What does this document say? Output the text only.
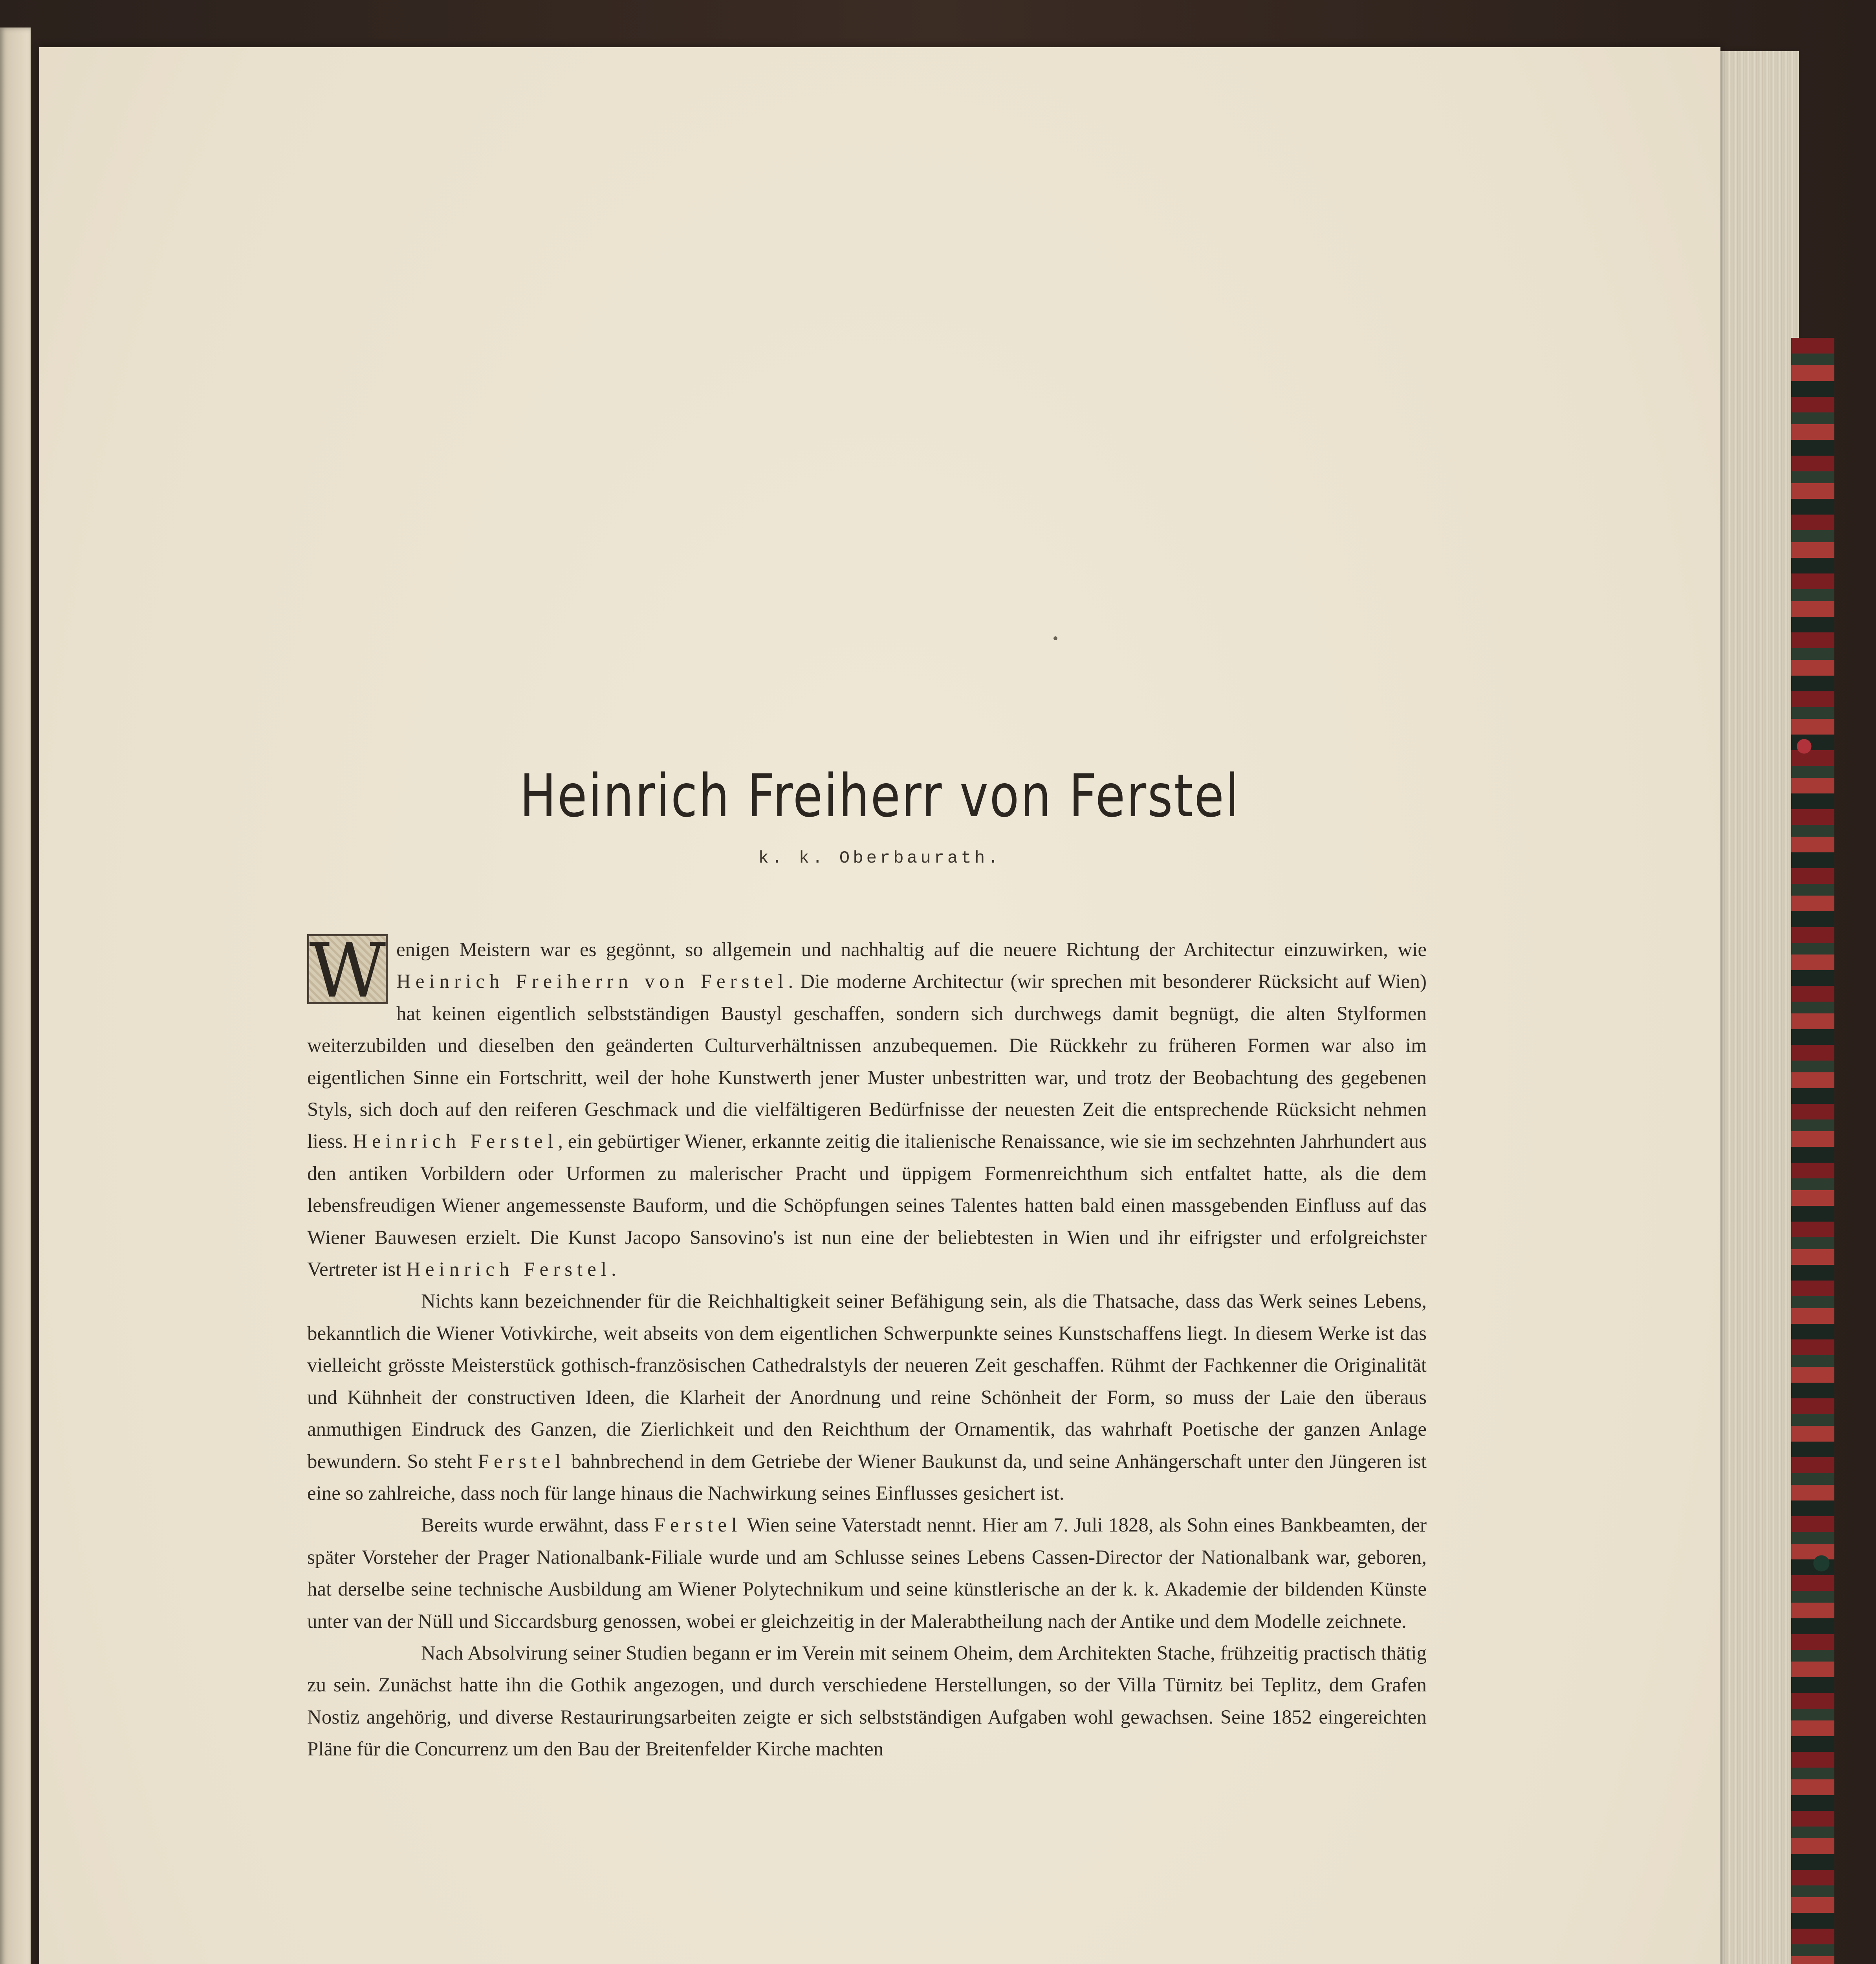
Heinrich Freiherr von Ferstel
k. k. Oberbaurath.
W enigen Meistern war es gegönnt, so allgemein und nachhaltig auf die neuere Richtung der Architectur einzuwirken, wie Heinrich Freiherrn von Ferstel. Die moderne Architectur (wir sprechen mit besonderer Rücksicht auf Wien) hat keinen eigentlich selbstständigen Baustyl geschaffen, sondern sich durchwegs damit begnügt, die alten Stylformen weiterzubilden und dieselben den geänderten Culturverhältnissen anzubequemen. Die Rückkehr zu früheren Formen war also im eigentlichen Sinne ein Fortschritt, weil der hohe Kunstwerth jener Muster unbestritten war, und trotz der Beobachtung des gegebenen Styls, sich doch auf den reiferen Geschmack und die vielfältigeren Bedürfnisse der neuesten Zeit die entsprechende Rücksicht nehmen liess. Heinrich Ferstel, ein gebürtiger Wiener, erkannte zeitig die italienische Renaissance, wie sie im sechzehnten Jahrhundert aus den antiken Vorbildern oder Urformen zu malerischer Pracht und üppigem Formenreichthum sich entfaltet hatte, als die dem lebensfreudigen Wiener angemessenste Bauform, und die Schöpfungen seines Talentes hatten bald einen massgebenden Einfluss auf das Wiener Bauwesen erzielt. Die Kunst Jacopo Sansovino's ist nun eine der beliebtesten in Wien und ihr eifrigster und erfolgreichster Vertreter ist Heinrich Ferstel.

Nichts kann bezeichnender für die Reichhaltigkeit seiner Befähigung sein, als die Thatsache, dass das Werk seines Lebens, bekanntlich die Wiener Votivkirche, weit abseits von dem eigentlichen Schwerpunkte seines Kunstschaffens liegt. In diesem Werke ist das vielleicht grösste Meisterstück gothisch-französischen Cathedralstyls der neueren Zeit geschaffen. Rühmt der Fachkenner die Originalität und Kühnheit der constructiven Ideen, die Klarheit der Anordnung und reine Schönheit der Form, so muss der Laie den überaus anmuthigen Eindruck des Ganzen, die Zierlichkeit und den Reichthum der Ornamentik, das wahrhaft Poetische der ganzen Anlage bewundern. So steht Ferstel bahnbrechend in dem Getriebe der Wiener Baukunst da, und seine Anhängerschaft unter den Jüngeren ist eine so zahlreiche, dass noch für lange hinaus die Nachwirkung seines Einflusses gesichert ist.

Bereits wurde erwähnt, dass Ferstel Wien seine Vaterstadt nennt. Hier am 7. Juli 1828, als Sohn eines Bankbeamten, der später Vorsteher der Prager Nationalbank-Filiale wurde und am Schlusse seines Lebens Cassen-Director der Nationalbank war, geboren, hat derselbe seine technische Ausbildung am Wiener Polytechnikum und seine künstlerische an der k. k. Akademie der bildenden Künste unter van der Nüll und Siccardsburg genossen, wobei er gleichzeitig in der Malerabtheilung nach der Antike und dem Modelle zeichnete.

Nach Absolvirung seiner Studien begann er im Verein mit seinem Oheim, dem Architekten Stache, frühzeitig practisch thätig zu sein. Zunächst hatte ihn die Gothik angezogen, und durch verschiedene Herstellungen, so der Villa Türnitz bei Teplitz, dem Grafen Nostiz angehörig, und diverse Restaurirungsarbeiten zeigte er sich selbstständigen Aufgaben wohl gewachsen. Seine 1852 eingereichten Pläne für die Concurrenz um den Bau der Breitenfelder Kirche machten
